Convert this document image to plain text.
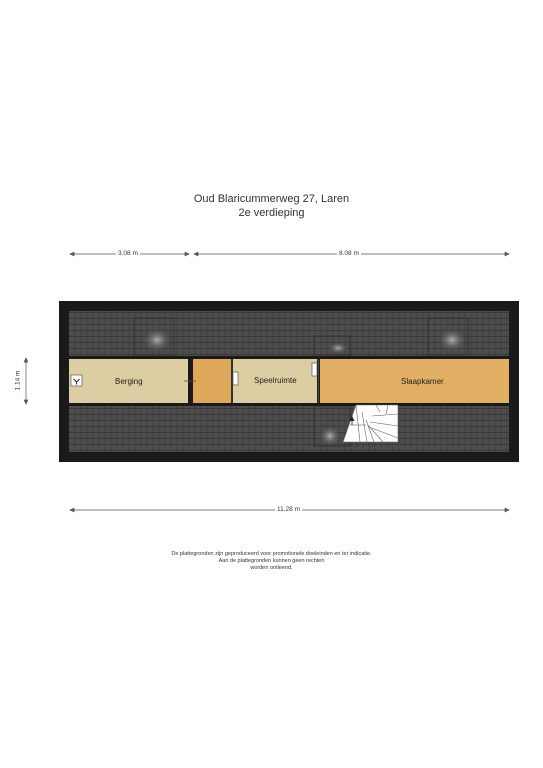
Oud Blaricummerweg 27, Laren
2e verdieping
3.08 m	8.08 m
1.14 m
11.28 m
Berging	Speelruimte	Slaapkamer
De plattegronden zijn geproduceerd voor promotionele doeleinden en ter indicatie.
Aan de plattegronden kunnen geen rechten
worden ontleend.
